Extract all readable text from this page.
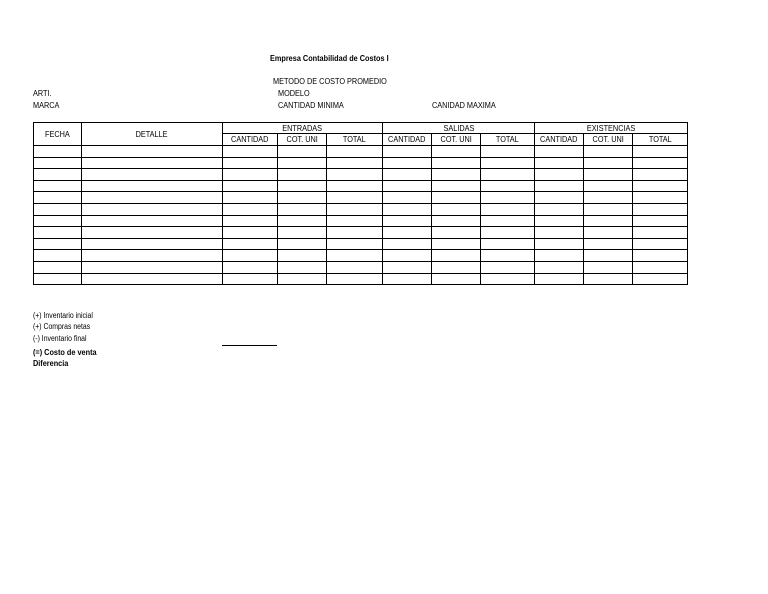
Empresa Contabilidad de Costos I
METODO DE COSTO PROMEDIO
ARTI.	MODELO
MARCA	CANTIDAD MINIMA	CANIDAD MAXIMA
FECHA	DETALLE	ENTRADAS			SALIDAS			EXISTENCIAS		
		CANTIDAD	COT. UNI	TOTAL	CANTIDAD	COT. UNI	TOTAL	CANTIDAD	COT. UNI	TOTAL

(+) Inventario inicial
(+) Compras netas
(-) Inventario final
(=) Costo de venta
Diferencia
